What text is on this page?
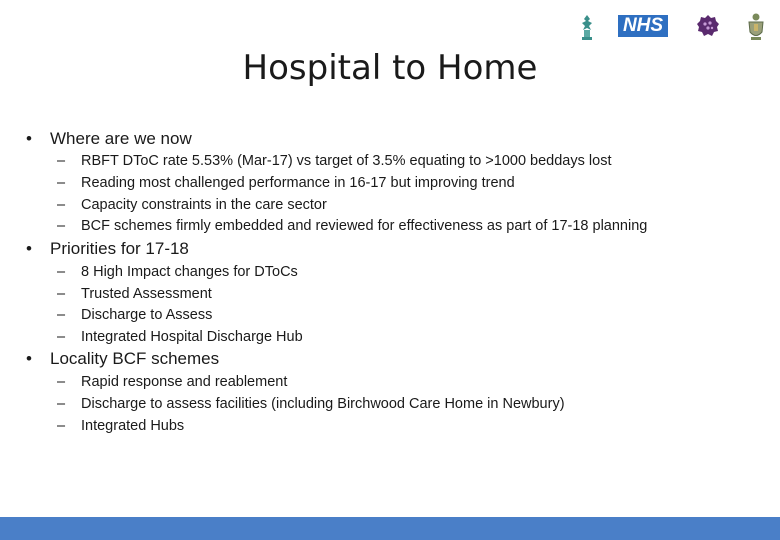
NHS
Hospital to Home
• Where are we now
– RBFT DToC rate 5.53% (Mar-17) vs target of 3.5% equating to >1000 beddays lost
– Reading most challenged performance in 16-17 but improving trend
– Capacity constraints in the care sector
– BCF schemes firmly embedded and reviewed for effectiveness as part of 17-18 planning
• Priorities for 17-18
– 8 High Impact changes for DToCs
– Trusted Assessment
– Discharge to Assess
– Integrated Hospital Discharge Hub
• Locality BCF schemes
– Rapid response and reablement
– Discharge to assess facilities (including Birchwood Care Home in Newbury)
– Integrated Hubs
